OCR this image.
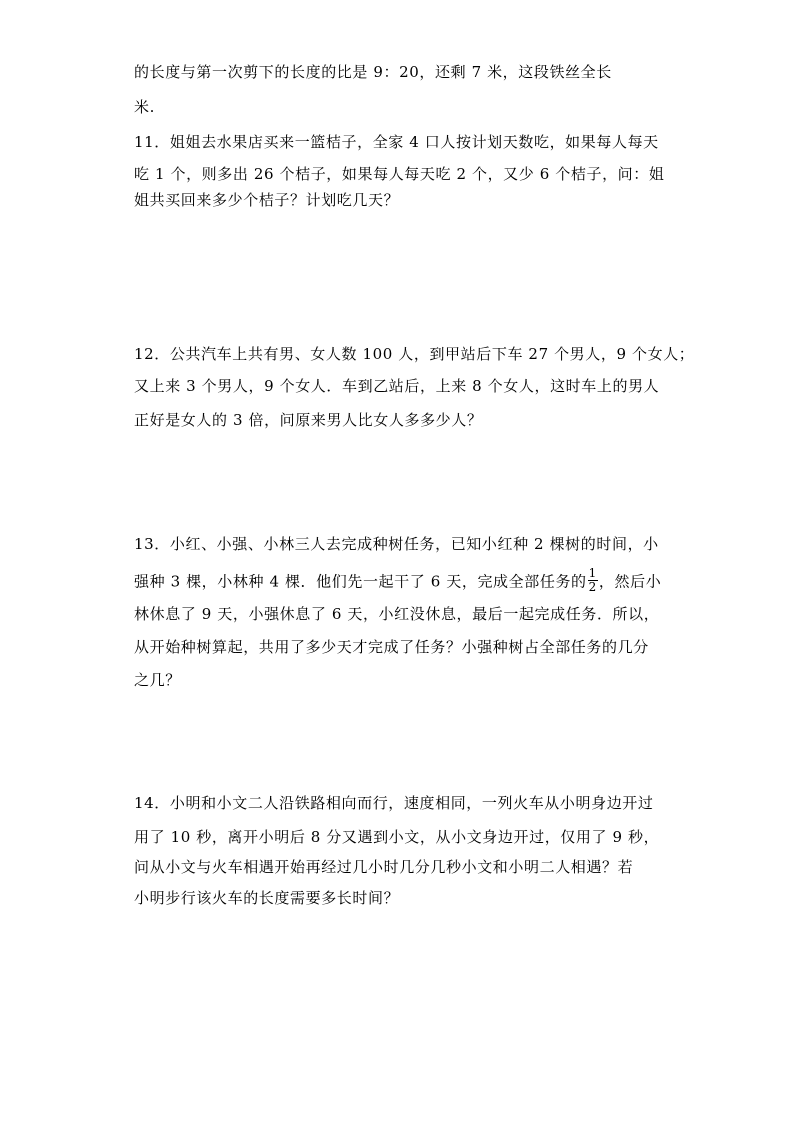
的长度与第一次剪下的长度的比是 9：20，还剩 7 米，这段铁丝全长
米.
11．姐姐去水果店买来一篮桔子，全家 4 口人按计划天数吃，如果每人每天
吃 1 个，则多出 26 个桔子，如果每人每天吃 2 个，又少 6 个桔子，问：姐
姐共买回来多少个桔子？计划吃几天？
12．公共汽车上共有男、女人数 100 人，到甲站后下车 27 个男人，9 个女人；
又上来 3 个男人，9 个女人．车到乙站后，上来 8 个女人，这时车上的男人
正好是女人的 3 倍，问原来男人比女人多多少人？
13．小红、小强、小林三人去完成种树任务，已知小红种 2 棵树的时间，小
强种 3 棵，小林种 4 棵．他们先一起干了 6 天，完成全部任务的 $\frac{1}{2}$ ，然后小
林休息了 9 天，小强休息了 6 天，小红没休息，最后一起完成任务．所以，
从开始种树算起，共用了多少天才完成了任务？小强种树占全部任务的几分
之几？
14．小明和小文二人沿铁路相向而行，速度相同，一列火车从小明身边开过
用了 10 秒，离开小明后 8 分又遇到小文，从小文身边开过，仅用了 9 秒，
问从小文与火车相遇开始再经过几小时几分几秒小文和小明二人相遇？若
小明步行该火车的长度需要多长时间？
